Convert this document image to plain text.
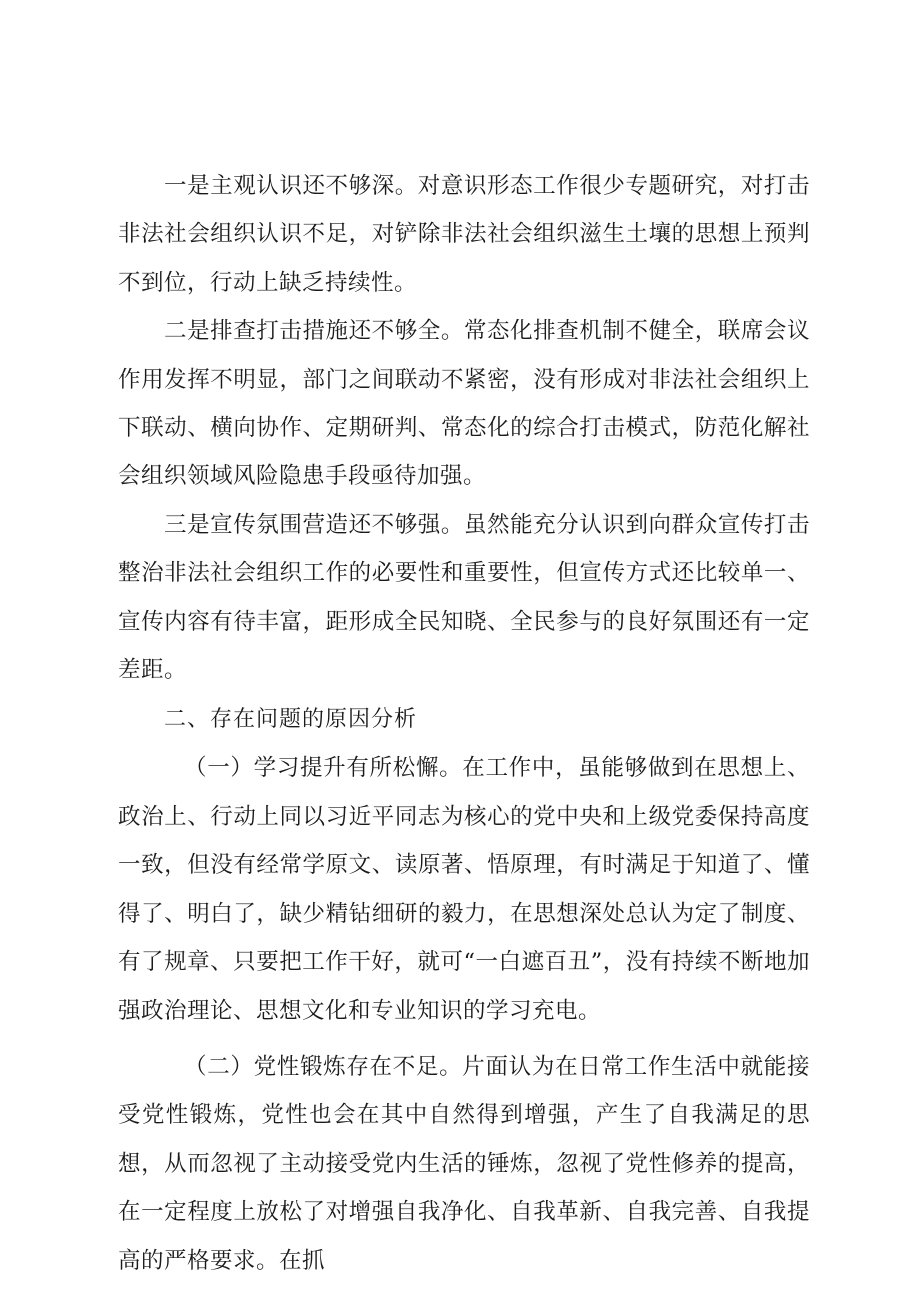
一是主观认识还不够深。对意识形态工作很少专题研究，对打击非法社会组织认识不足，对铲除非法社会组织滋生土壤的思想上预判不到位，行动上缺乏持续性。

二是排查打击措施还不够全。常态化排查机制不健全，联席会议作用发挥不明显，部门之间联动不紧密，没有形成对非法社会组织上下联动、横向协作、定期研判、常态化的综合打击模式，防范化解社会组织领域风险隐患手段亟待加强。

三是宣传氛围营造还不够强。虽然能充分认识到向群众宣传打击整治非法社会组织工作的必要性和重要性，但宣传方式还比较单一、宣传内容有待丰富，距形成全民知晓、全民参与的良好氛围还有一定差距。

二、存在问题的原因分析

（一）学习提升有所松懈。在工作中，虽能够做到在思想上、政治上、行动上同以习近平同志为核心的党中央和上级党委保持高度一致，但没有经常学原文、读原著、悟原理，有时满足于知道了、懂得了、明白了，缺少精钻细研的毅力，在思想深处总认为定了制度、有了规章、只要把工作干好，就可“一白遮百丑”，没有持续不断地加强政治理论、思想文化和专业知识的学习充电。

（二）党性锻炼存在不足。片面认为在日常工作生活中就能接受党性锻炼，党性也会在其中自然得到增强，产生了自我满足的思想，从而忽视了主动接受党内生活的锤炼，忽视了党性修养的提高，在一定程度上放松了对增强自我净化、自我革新、自我完善、自我提高的严格要求。在抓
